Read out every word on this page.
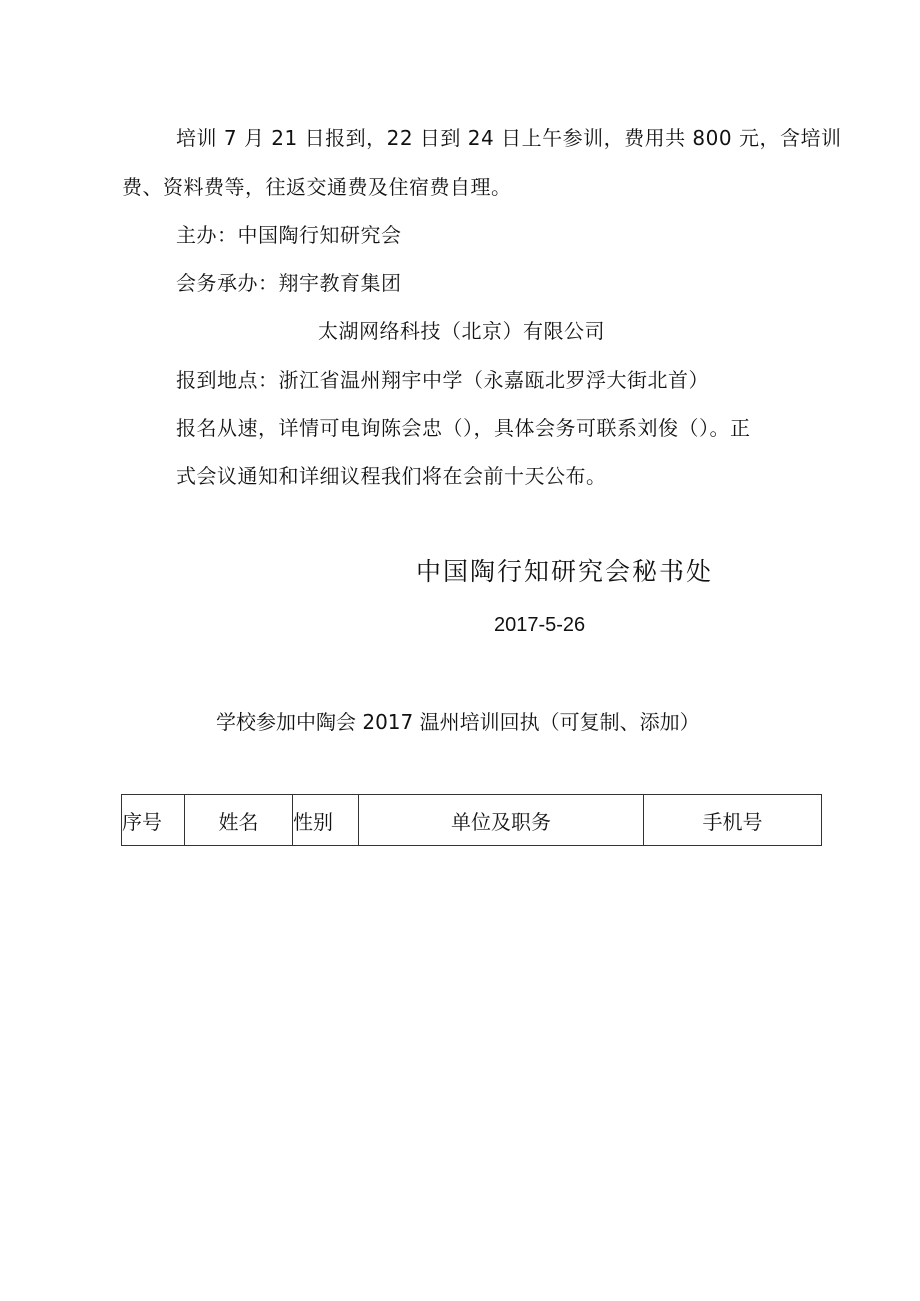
培训 7 月 21 日报到，22 日到 24 日上午参训，费用共 800 元，含培训
费、资料费等，往返交通费及住宿费自理。
主办：中国陶行知研究会
会务承办：翔宇教育集团
太湖网络科技（北京）有限公司
报到地点：浙江省温州翔宇中学（永嘉瓯北罗浮大街北首）
报名从速，详情可电询陈会忠（），具体会务可联系刘俊（）。正
式会议通知和详细议程我们将在会前十天公布。
中国陶行知研究会秘书处
2017-5-26
学校参加中陶会 2017 温州培训回执（可复制、添加）
序号	姓名	性别	单位及职务	手机号
